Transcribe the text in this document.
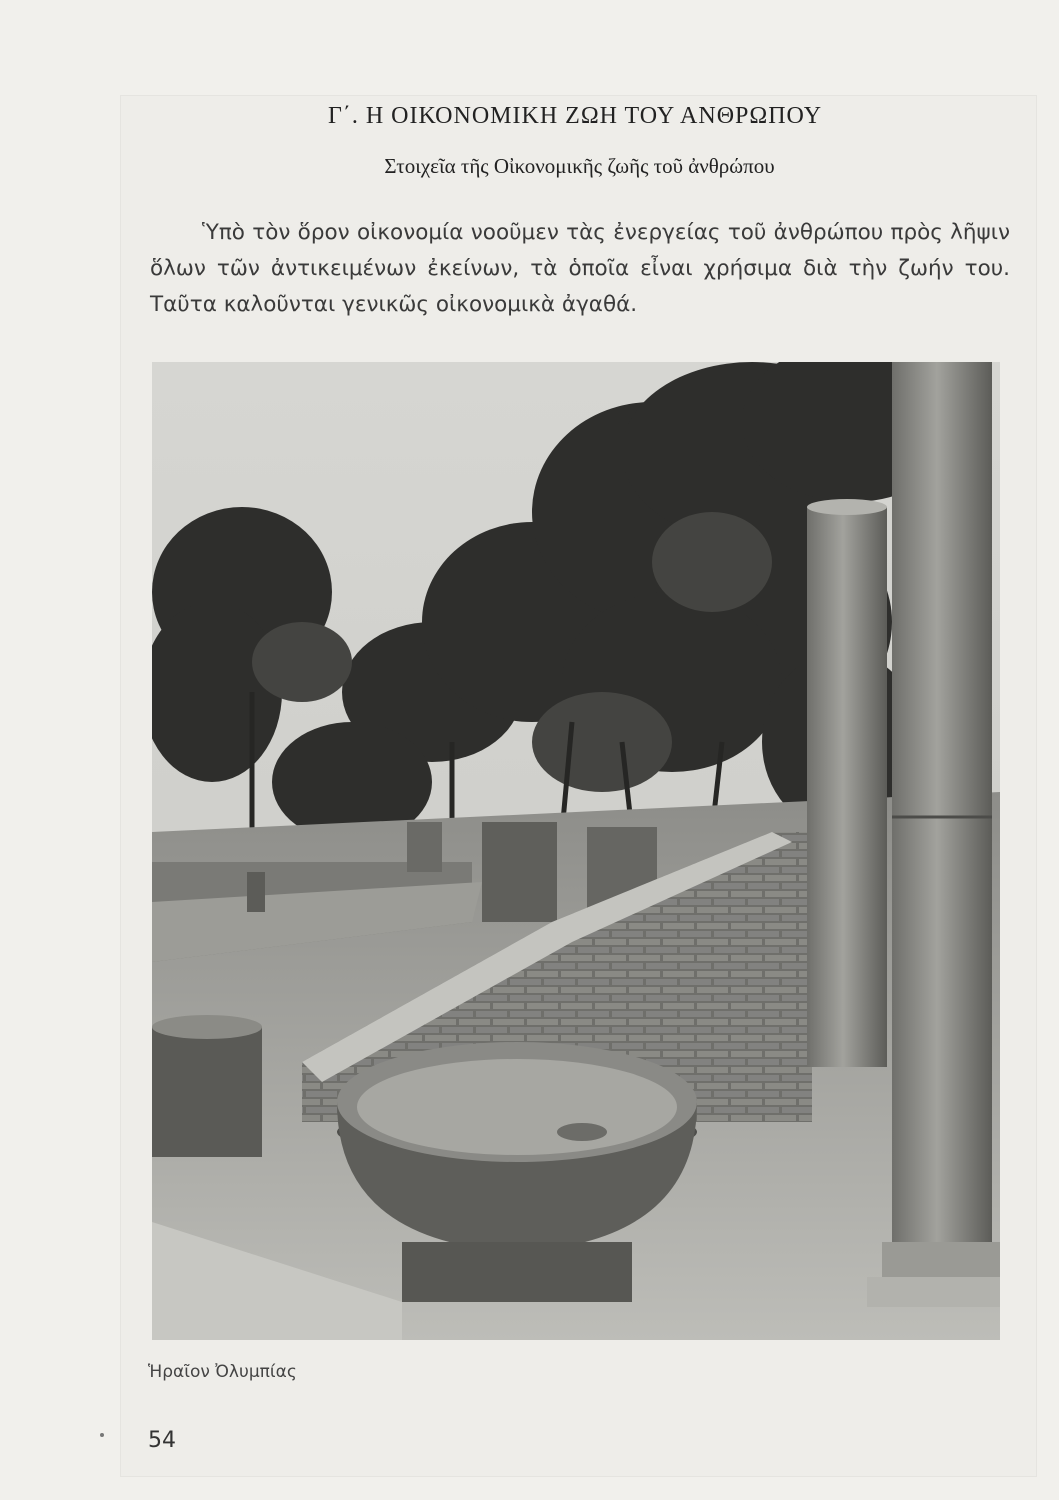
Γ΄. Η ΟΙΚΟΝΟΜΙΚΗ ΖΩΗ ΤΟΥ ΑΝΘΡΩΠΟΥ
Στοιχεῖα τῆς Οἰκονομικῆς ζωῆς τοῦ ἀνθρώπου
Ὑπὸ τὸν ὅρον οἰκονομία νοοῦμεν τὰς ἐνεργείας τοῦ ἀνθρώπου πρὸς λῆψιν ὅλων τῶν ἀντικειμένων ἐκείνων, τὰ ὁποῖα εἶναι χρήσιμα διὰ τὴν ζωήν του. Ταῦτα καλοῦνται γενικῶς οἰκονομικὰ ἀγαθά.
Ἡραῖον Ὀλυμπίας
54
